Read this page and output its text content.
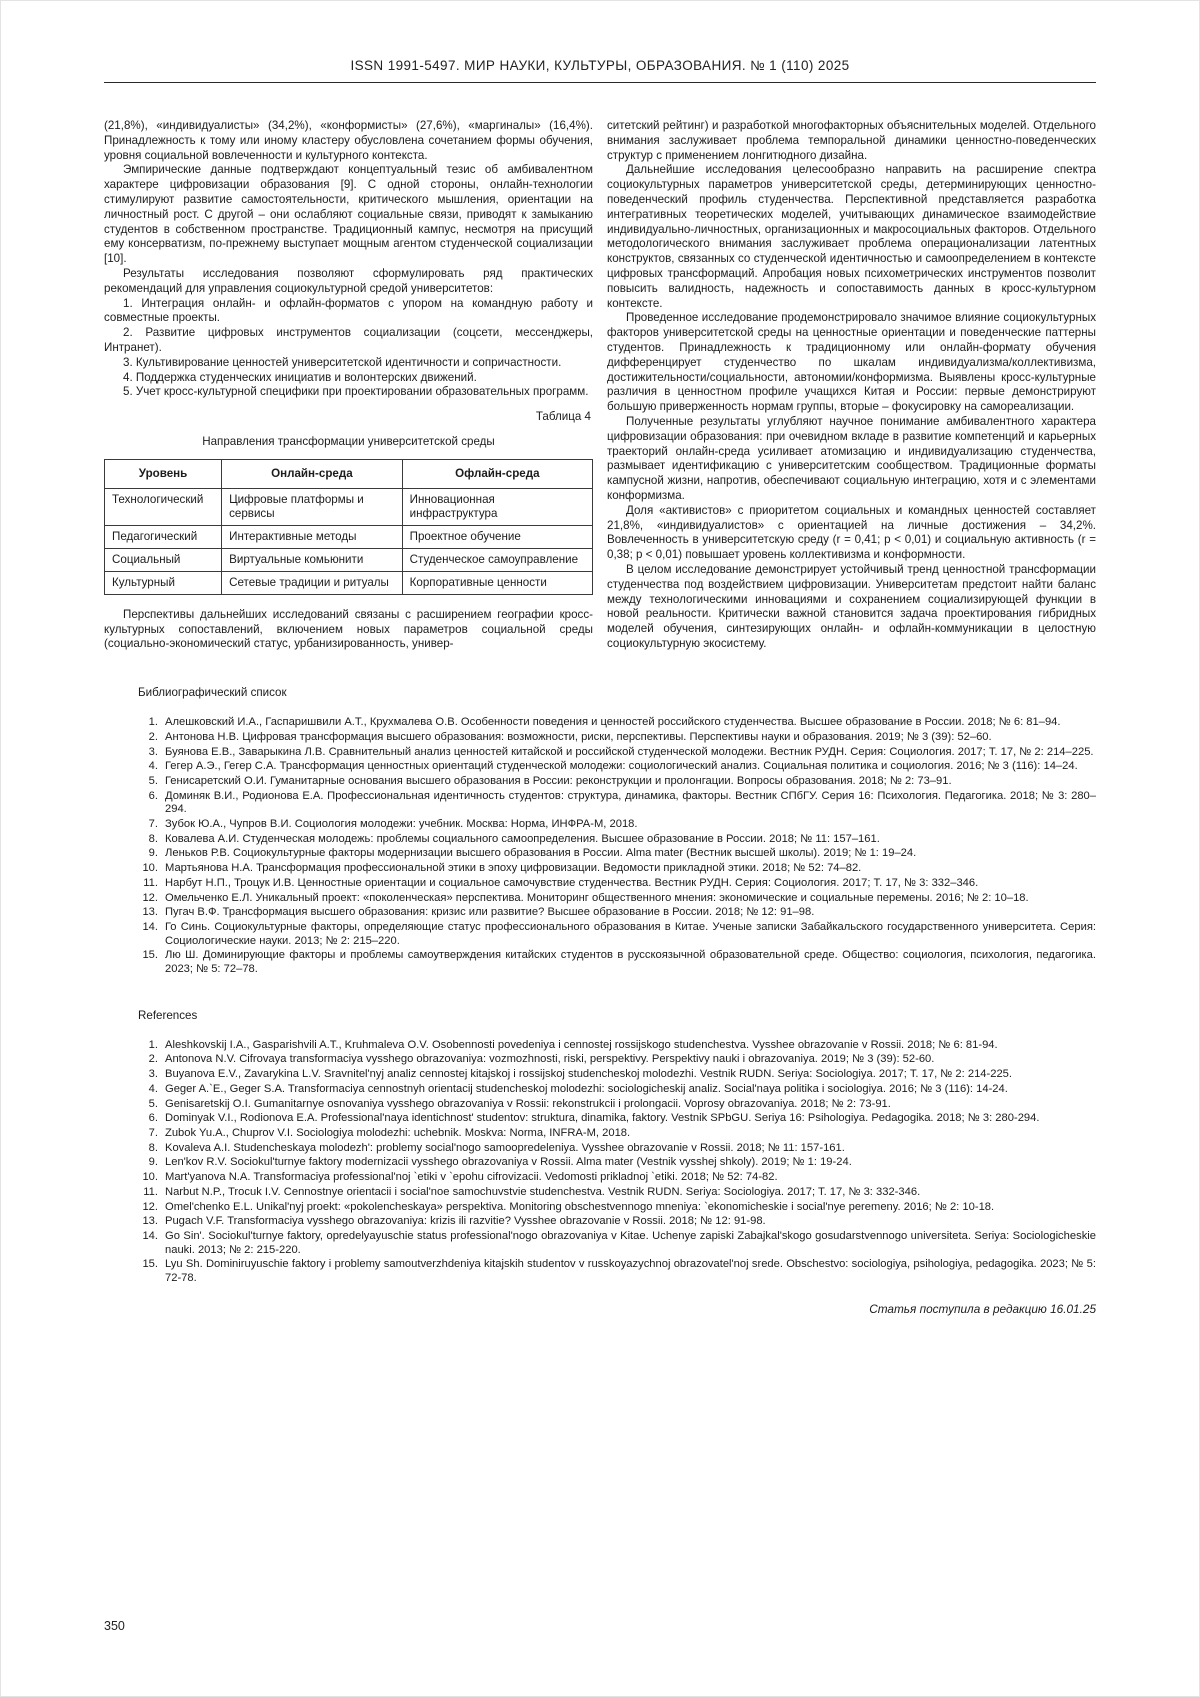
ISSN 1991-5497. МИР НАУКИ, КУЛЬТУРЫ, ОБРАЗОВАНИЯ. № 1 (110) 2025

(21,8%), «индивидуалисты» (34,2%), «конформисты» (27,6%), «маргиналы» (16,4%). Принадлежность к тому или иному кластеру обусловлена сочетанием формы обучения, уровня социальной вовлеченности и культурного контекста.

Эмпирические данные подтверждают концептуальный тезис об амбивалентном характере цифровизации образования [9]. С одной стороны, онлайн-технологии стимулируют развитие самостоятельности, критического мышления, ориентации на личностный рост. С другой – они ослабляют социальные связи, приводят к замыканию студентов в собственном пространстве. Традиционный кампус, несмотря на присущий ему консерватизм, по-прежнему выступает мощным агентом студенческой социализации [10].

Результаты исследования позволяют сформулировать ряд практических рекомендаций для управления социокультурной средой университетов:

1. Интеграция онлайн- и офлайн-форматов с упором на командную работу и совместные проекты.

2. Развитие цифровых инструментов социализации (соцсети, мессенджеры, Интранет).

3. Культивирование ценностей университетской идентичности и сопричастности.

4. Поддержка студенческих инициатив и волонтерских движений.

5. Учет кросс-культурной специфики при проектировании образовательных программ.

Таблица 4
Направления трансформации университетской среды
Уровень	Онлайн-среда	Офлайн-среда
Технологический	Цифровые платформы и сервисы	Инновационная инфраструктура
Педагогический	Интерактивные методы	Проектное обучение
Социальный	Виртуальные комьюнити	Студенческое самоуправление
Культурный	Сетевые традиции и ритуалы	Корпоративные ценности

Перспективы дальнейших исследований связаны с расширением географии кросс-культурных сопоставлений, включением новых параметров социальной среды (социально-экономический статус, урбанизированность, универ-

ситетский рейтинг) и разработкой многофакторных объяснительных моделей. Отдельного внимания заслуживает проблема темпоральной динамики ценностно-поведенческих структур с применением лонгитюдного дизайна.

Дальнейшие исследования целесообразно направить на расширение спектра социокультурных параметров университетской среды, детерминирующих ценностно-поведенческий профиль студенчества. Перспективной представляется разработка интегративных теоретических моделей, учитывающих динамическое взаимодействие индивидуально-личностных, организационных и макросоциальных факторов. Отдельного методологического внимания заслуживает проблема операционализации латентных конструктов, связанных со студенческой идентичностью и самоопределением в контексте цифровых трансформаций. Апробация новых психометрических инструментов позволит повысить валидность, надежность и сопоставимость данных в кросс-культурном контексте.

Проведенное исследование продемонстрировало значимое влияние социокультурных факторов университетской среды на ценностные ориентации и поведенческие паттерны студентов. Принадлежность к традиционному или онлайн-формату обучения дифференцирует студенчество по шкалам индивидуализма/коллективизма, достижительности/социальности, автономии/конформизма. Выявлены кросс-культурные различия в ценностном профиле учащихся Китая и России: первые демонстрируют большую приверженность нормам группы, вторые – фокусировку на самореализации.

Полученные результаты углубляют научное понимание амбивалентного характера цифровизации образования: при очевидном вкладе в развитие компетенций и карьерных траекторий онлайн-среда усиливает атомизацию и индивидуализацию студенчества, размывает идентификацию с университетским сообществом. Традиционные форматы кампусной жизни, напротив, обеспечивают социальную интеграцию, хотя и с элементами конформизма.

Доля «активистов» с приоритетом социальных и командных ценностей составляет 21,8%, «индивидуалистов» с ориентацией на личные достижения – 34,2%. Вовлеченность в университетскую среду (r = 0,41; p < 0,01) и социальную активность (r = 0,38; p < 0,01) повышает уровень коллективизма и конформности.

В целом исследование демонстрирует устойчивый тренд ценностной трансформации студенчества под воздействием цифровизации. Университетам предстоит найти баланс между технологическими инновациями и сохранением социализирующей функции в новой реальности. Критически важной становится задача проектирования гибридных моделей обучения, синтезирующих онлайн- и офлайн-коммуникации в целостную социокультурную экосистему.

Библиографический список
1. Алешковский И.А., Гаспаришвили А.Т., Крухмалева О.В. Особенности поведения и ценностей российского студенчества. Высшее образование в России. 2018; № 6: 81–94.
2. Антонова Н.В. Цифровая трансформация высшего образования: возможности, риски, перспективы. Перспективы науки и образования. 2019; № 3 (39): 52–60.
3. Буянова Е.В., Заварыкина Л.В. Сравнительный анализ ценностей китайской и российской студенческой молодежи. Вестник РУДН. Серия: Социология. 2017; Т. 17, № 2: 214–225.
4. Гегер А.Э., Гегер С.А. Трансформация ценностных ориентаций студенческой молодежи: социологический анализ. Социальная политика и социология. 2016; № 3 (116): 14–24.
5. Генисаретский О.И. Гуманитарные основания высшего образования в России: реконструкции и пролонгации. Вопросы образования. 2018; № 2: 73–91.
6. Доминяк В.И., Родионова Е.А. Профессиональная идентичность студентов: структура, динамика, факторы. Вестник СПбГУ. Серия 16: Психология. Педагогика. 2018; № 3: 280–294.
7. Зубок Ю.А., Чупров В.И. Социология молодежи: учебник. Москва: Норма, ИНФРА-М, 2018.
8. Ковалева А.И. Студенческая молодежь: проблемы социального самоопределения. Высшее образование в России. 2018; № 11: 157–161.
9. Леньков Р.В. Социокультурные факторы модернизации высшего образования в России. Alma mater (Вестник высшей школы). 2019; № 1: 19–24.
10. Мартьянова Н.А. Трансформация профессиональной этики в эпоху цифровизации. Ведомости прикладной этики. 2018; № 52: 74–82.
11. Нарбут Н.П., Троцук И.В. Ценностные ориентации и социальное самочувствие студенчества. Вестник РУДН. Серия: Социология. 2017; Т. 17, № 3: 332–346.
12. Омельченко Е.Л. Уникальный проект: «поколенческая» перспектива. Мониторинг общественного мнения: экономические и социальные перемены. 2016; № 2: 10–18.
13. Пугач В.Ф. Трансформация высшего образования: кризис или развитие? Высшее образование в России. 2018; № 12: 91–98.
14. Го Синь. Социокультурные факторы, определяющие статус профессионального образования в Китае. Ученые записки Забайкальского государственного университета. Серия: Социологические науки. 2013; № 2: 215–220.
15. Лю Ш. Доминирующие факторы и проблемы самоутверждения китайских студентов в русскоязычной образовательной среде. Общество: социология, психология, педагогика. 2023; № 5: 72–78.
References
1. Aleshkovskij I.A., Gasparishvili A.T., Kruhmaleva O.V. Osobennosti povedeniya i cennostej rossijskogo studenchestva. Vysshee obrazovanie v Rossii. 2018; № 6: 81-94.
2. Antonova N.V. Cifrovaya transformaciya vysshego obrazovaniya: vozmozhnosti, riski, perspektivy. Perspektivy nauki i obrazovaniya. 2019; № 3 (39): 52-60.
3. Buyanova E.V., Zavarykina L.V. Sravnitel'nyj analiz cennostej kitajskoj i rossijskoj studencheskoj molodezhi. Vestnik RUDN. Seriya: Sociologiya. 2017; T. 17, № 2: 214-225.
4. Geger A.`E., Geger S.A. Transformaciya cennostnyh orientacij studencheskoj molodezhi: sociologicheskij analiz. Social'naya politika i sociologiya. 2016; № 3 (116): 14-24.
5. Genisaretskij O.I. Gumanitarnye osnovaniya vysshego obrazovaniya v Rossii: rekonstrukcii i prolongacii. Voprosy obrazovaniya. 2018; № 2: 73-91.
6. Dominyak V.I., Rodionova E.A. Professional'naya identichnost' studentov: struktura, dinamika, faktory. Vestnik SPbGU. Seriya 16: Psihologiya. Pedagogika. 2018; № 3: 280-294.
7. Zubok Yu.A., Chuprov V.I. Sociologiya molodezhi: uchebnik. Moskva: Norma, INFRA-M, 2018.
8. Kovaleva A.I. Studencheskaya molodezh': problemy social'nogo samoopredeleniya. Vysshee obrazovanie v Rossii. 2018; № 11: 157-161.
9. Len'kov R.V. Sociokul'turnye faktory modernizacii vysshego obrazovaniya v Rossii. Alma mater (Vestnik vysshej shkoly). 2019; № 1: 19-24.
10. Mart'yanova N.A. Transformaciya professional'noj `etiki v `epohu cifrovizacii. Vedomosti prikladnoj `etiki. 2018; № 52: 74-82.
11. Narbut N.P., Trocuk I.V. Cennostnye orientacii i social'noe samochuvstvie studenchestva. Vestnik RUDN. Seriya: Sociologiya. 2017; T. 17, № 3: 332-346.
12. Omel'chenko E.L. Unikal'nyj proekt: «pokolencheskaya» perspektiva. Monitoring obschestvennogo mneniya: `ekonomicheskie i social'nye peremeny. 2016; № 2: 10-18.
13. Pugach V.F. Transformaciya vysshego obrazovaniya: krizis ili razvitie? Vysshee obrazovanie v Rossii. 2018; № 12: 91-98.
14. Go Sin'. Sociokul'turnye faktory, opredelyayuschie status professional'nogo obrazovaniya v Kitae. Uchenye zapiski Zabajkal'skogo gosudarstvennogo universiteta. Seriya: Sociologicheskie nauki. 2013; № 2: 215-220.
15. Lyu Sh. Dominiruyuschie faktory i problemy samoutverzhdeniya kitajskih studentov v russkoyazychnoj obrazovatel'noj srede. Obschestvo: sociologiya, psihologiya, pedagogika. 2023; № 5: 72-78.
Статья поступила в редакцию 16.01.25
350
